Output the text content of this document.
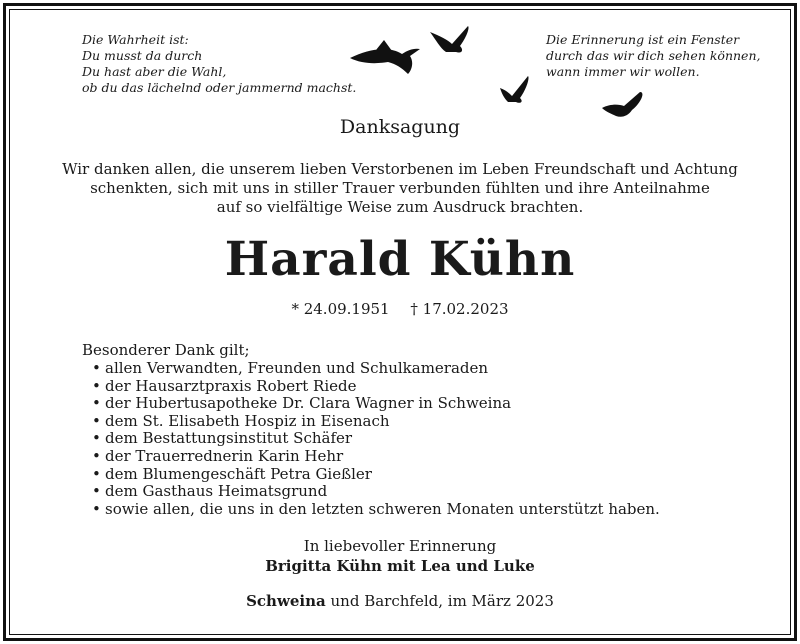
Die Wahrheit ist:
Du musst da durch
Du hast aber die Wahl,
ob du das lächelnd oder jammernd machst.
Die Erinnerung ist ein Fenster
durch das wir dich sehen können,
wann immer wir wollen.
Danksagung
Wir danken allen, die unserem lieben Verstorbenen im Leben Freundschaft und Achtung
schenkten, sich mit uns in stiller Trauer verbunden fühlten und ihre Anteilnahme
auf so vielfältige Weise zum Ausdruck brachten.
Harald Kühn
* 24.09.1951 † 17.02.2023
Besonderer Dank gilt;
• allen Verwandten, Freunden und Schulkameraden
• der Hausarztpraxis Robert Riede
• der Hubertusapotheke Dr. Clara Wagner in Schweina
• dem St. Elisabeth Hospiz in Eisenach
• dem Bestattungsinstitut Schäfer
• der Trauerrednerin Karin Hehr
• dem Blumengeschäft Petra Gießler
• dem Gasthaus Heimatsgrund
• sowie allen, die uns in den letzten schweren Monaten unterstützt haben.
In liebevoller Erinnerung
Brigitta Kühn mit Lea und Luke
Schweina und Barchfeld, im März 2023
